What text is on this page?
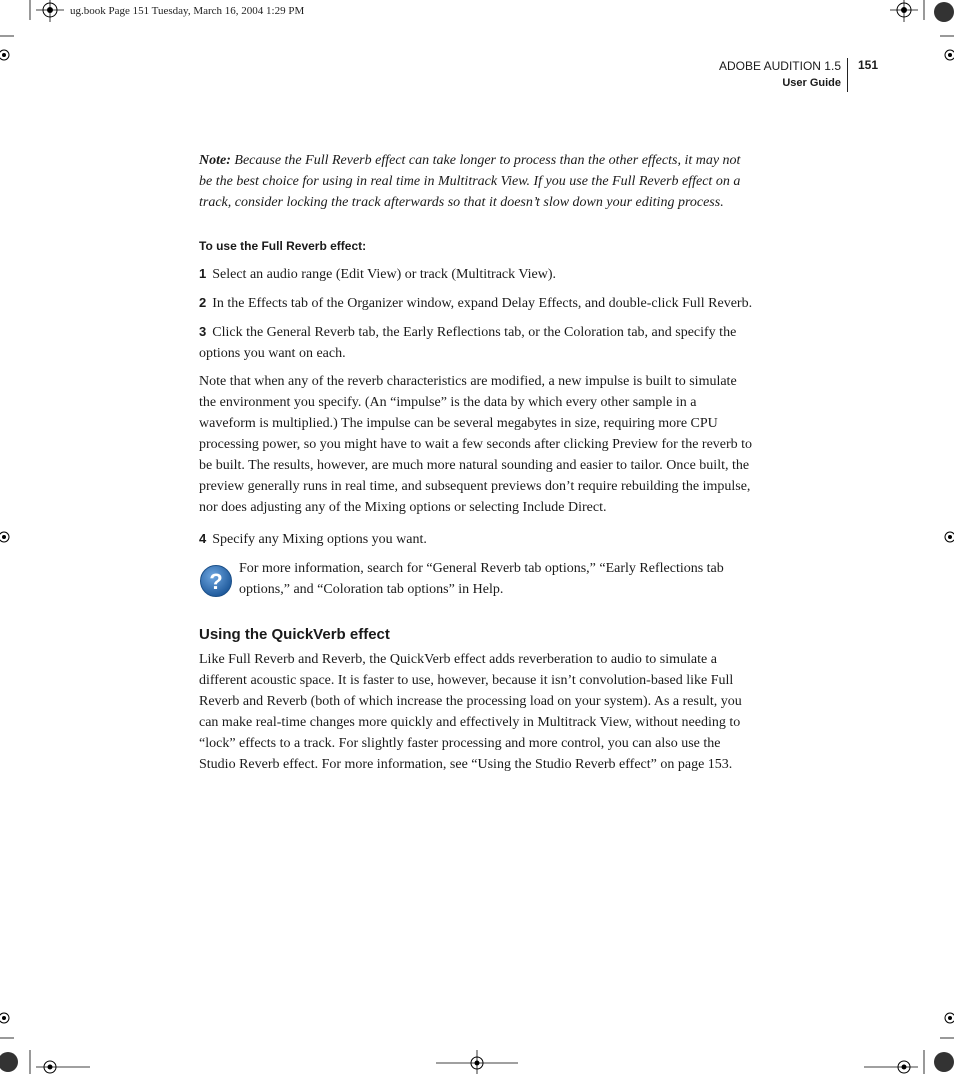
ug.book Page 151 Tuesday, March 16, 2004 1:29 PM
ADOBE AUDITION 1.5
User Guide
151

Note: Because the Full Reverb effect can take longer to process than the other effects, it may not be the best choice for using in real time in Multitrack View. If you use the Full Reverb effect on a track, consider locking the track afterwards so that it doesn’t slow down your editing process.

To use the Full Reverb effect:

1 Select an audio range (Edit View) or track (Multitrack View).

2 In the Effects tab of the Organizer window, expand Delay Effects, and double-click Full Reverb.

3 Click the General Reverb tab, the Early Reflections tab, or the Coloration tab, and specify the options you want on each.

Note that when any of the reverb characteristics are modified, a new impulse is built to simulate the environment you specify. (An “impulse” is the data by which every other sample in a waveform is multiplied.) The impulse can be several megabytes in size, requiring more CPU processing power, so you might have to wait a few seconds after clicking Preview for the reverb to be built. The results, however, are much more natural sounding and easier to tailor. Once built, the preview generally runs in real time, and subsequent previews don’t require rebuilding the impulse, nor does adjusting any of the Mixing options or selecting Include Direct.

4 Specify any Mixing options you want.

?

For more information, search for “General Reverb tab options,” “Early Reflections tab options,” and “Coloration tab options” in Help.

Using the QuickVerb effect

Like Full Reverb and Reverb, the QuickVerb effect adds reverberation to audio to simulate a different acoustic space. It is faster to use, however, because it isn’t convolution-based like Full Reverb and Reverb (both of which increase the processing load on your system). As a result, you can make real-time changes more quickly and effectively in Multitrack View, without needing to “lock” effects to a track. For slightly faster processing and more control, you can also use the Studio Reverb effect. For more information, see “Using the Studio Reverb effect” on page 153.
